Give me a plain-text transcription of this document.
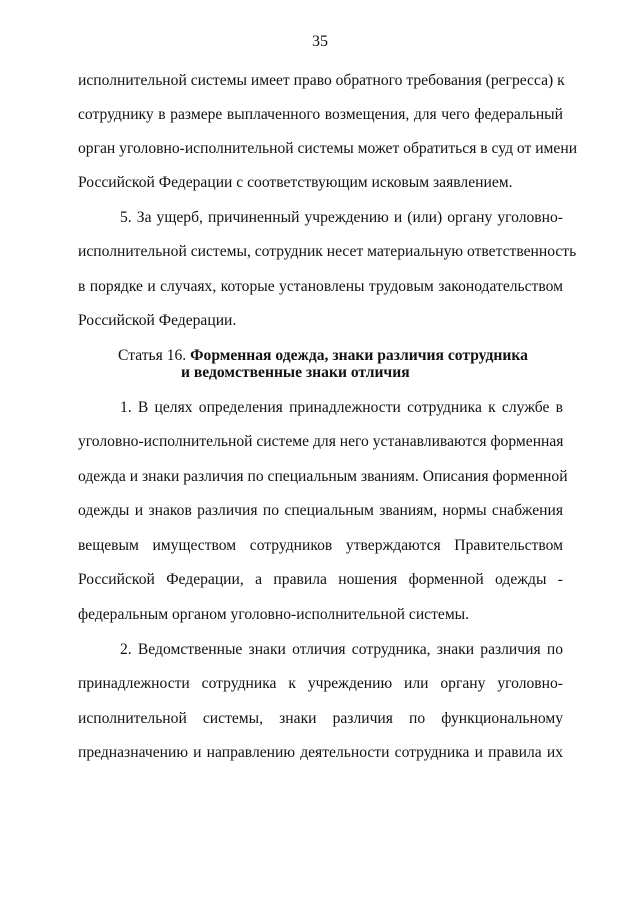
35
исполнительной системы имеет право обратного требования (регресса) к
сотруднику в размере выплаченного возмещения, для чего федеральный
орган уголовно-исполнительной системы может обратиться в суд от имени
Российской Федерации с соответствующим исковым заявлением.
5. За ущерб, причиненный учреждению и (или) органу уголовно-
исполнительной системы, сотрудник несет материальную ответственность
в порядке и случаях, которые установлены трудовым законодательством
Российской Федерации.
Статья 16. Форменная одежда, знаки различия сотрудника
и ведомственные знаки отличия
1. В целях определения принадлежности сотрудника к службе в
уголовно-исполнительной системе для него устанавливаются форменная
одежда и знаки различия по специальным званиям. Описания форменной
одежды и знаков различия по специальным званиям, нормы снабжения
вещевым имуществом сотрудников утверждаются Правительством
Российской Федерации, а правила ношения форменной одежды -
федеральным органом уголовно-исполнительной системы.
2. Ведомственные знаки отличия сотрудника, знаки различия по
принадлежности сотрудника к учреждению или органу уголовно-
исполнительной системы, знаки различия по функциональному
предназначению и направлению деятельности сотрудника и правила их
